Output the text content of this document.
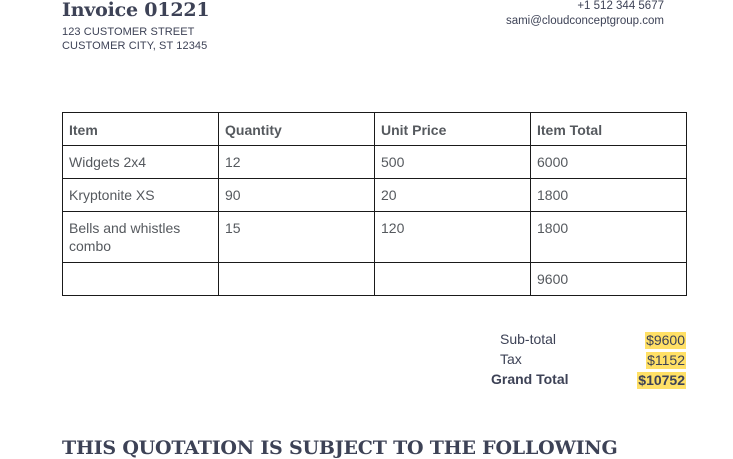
Invoice 01221
123 CUSTOMER STREET
CUSTOMER CITY, ST 12345
+1 512 344 5677
sami@cloudconceptgroup.com
Item	Quantity	Unit Price	Item Total
Widgets 2x4	12	500	6000
Kryptonite XS	90	20	1800
Bells and whistles combo	15	120	1800
			9600
Sub-total	$9600
Tax	$1152
Grand Total	$10752
THIS QUOTATION IS SUBJECT TO THE FOLLOWING
